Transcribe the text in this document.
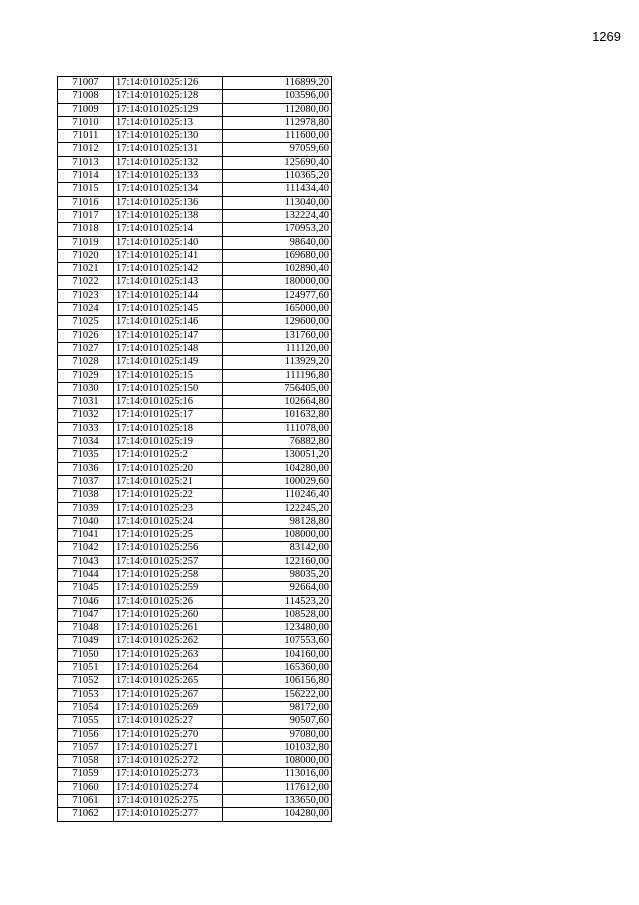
1269
71007	17:14:0101025:126	116899,20
71008	17:14:0101025:128	103596,00
71009	17:14:0101025:129	112080,00
71010	17:14:0101025:13	112978,80
71011	17:14:0101025:130	111600,00
71012	17:14:0101025:131	97059,60
71013	17:14:0101025:132	125690,40
71014	17:14:0101025:133	110365,20
71015	17:14:0101025:134	111434,40
71016	17:14:0101025:136	113040,00
71017	17:14:0101025:138	132224,40
71018	17:14:0101025:14	170953,20
71019	17:14:0101025:140	98640,00
71020	17:14:0101025:141	169680,00
71021	17:14:0101025:142	102890,40
71022	17:14:0101025:143	180000,00
71023	17:14:0101025:144	124977,60
71024	17:14:0101025:145	165000,00
71025	17:14:0101025:146	129600,00
71026	17:14:0101025:147	131760,00
71027	17:14:0101025:148	111120,00
71028	17:14:0101025:149	113929,20
71029	17:14:0101025:15	111196,80
71030	17:14:0101025:150	756405,00
71031	17:14:0101025:16	102664,80
71032	17:14:0101025:17	101632,80
71033	17:14:0101025:18	111078,00
71034	17:14:0101025:19	76882,80
71035	17:14:0101025:2	130051,20
71036	17:14:0101025:20	104280,00
71037	17:14:0101025:21	100029,60
71038	17:14:0101025:22	110246,40
71039	17:14:0101025:23	122245,20
71040	17:14:0101025:24	98128,80
71041	17:14:0101025:25	108000,00
71042	17:14:0101025:256	83142,00
71043	17:14:0101025:257	122160,00
71044	17:14:0101025:258	98035,20
71045	17:14:0101025:259	92664,00
71046	17:14:0101025:26	114523,20
71047	17:14:0101025:260	108528,00
71048	17:14:0101025:261	123480,00
71049	17:14:0101025:262	107553,60
71050	17:14:0101025:263	104160,00
71051	17:14:0101025:264	165360,00
71052	17:14:0101025:265	106156,80
71053	17:14:0101025:267	156222,00
71054	17:14:0101025:269	98172,00
71055	17:14:0101025:27	90507,60
71056	17:14:0101025:270	97080,00
71057	17:14:0101025:271	101032,80
71058	17:14:0101025:272	108000,00
71059	17:14:0101025:273	113016,00
71060	17:14:0101025:274	117612,00
71061	17:14:0101025:275	133650,00
71062	17:14:0101025:277	104280,00
